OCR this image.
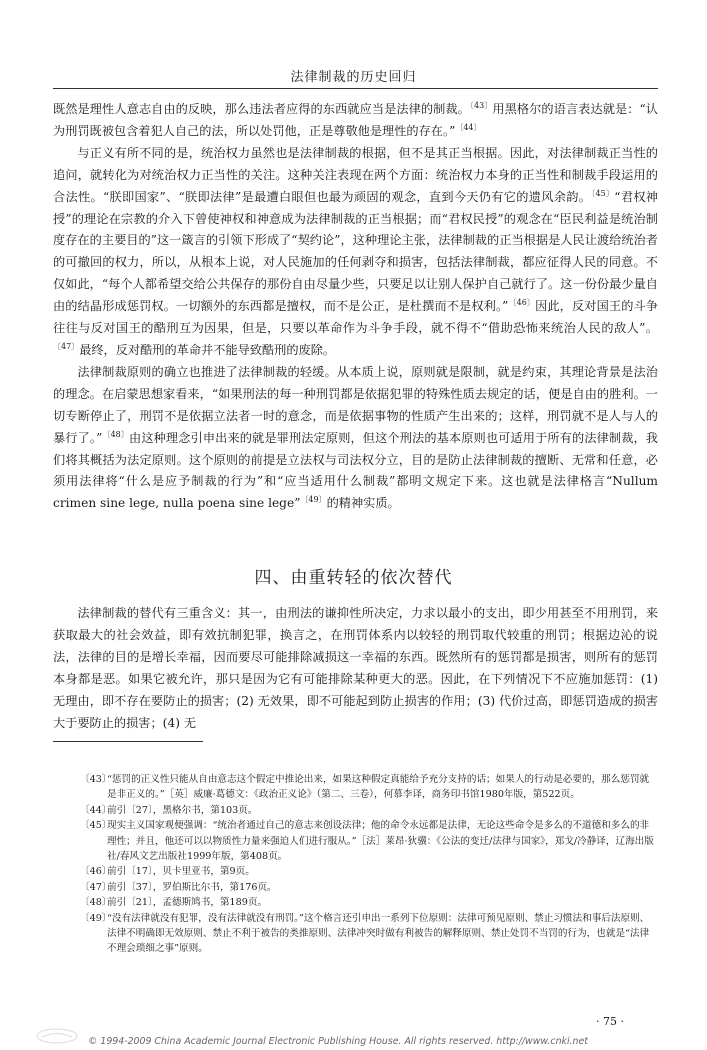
法律制裁的历史回归

既然是理性人意志自由的反映，那么违法者应得的东西就应当是法律的制裁。$^{〔43〕}$用黑格尔的语言表达就是：“认为刑罚既被包含着犯人自己的法，所以处罚他，正是尊敬他是理性的存在。”$^{〔44〕}$

与正义有所不同的是，统治权力虽然也是法律制裁的根据，但不是其正当根据。因此，对法律制裁正当性的追问，就转化为对统治权力正当性的关注。这种关注表现在两个方面：统治权力本身的正当性和制裁手段运用的合法性。“朕即国家”、“朕即法律”是最遭白眼但也最为顽固的观念，直到今天仍有它的遗风余韵。$^{〔45〕}$“君权神授”的理论在宗教的介入下曾使神权和神意成为法律制裁的正当根据；而“君权民授”的观念在“臣民利益是统治制度存在的主要目的”这一箴言的引领下形成了“契约论”，这种理论主张，法律制裁的正当根据是人民让渡给统治者的可撤回的权力，所以，从根本上说，对人民施加的任何剥夺和损害，包括法律制裁，都应征得人民的同意。不仅如此，“每个人都希望交给公共保存的那份自由尽量少些，只要足以让别人保护自己就行了。这一份份最少量自由的结晶形成惩罚权。一切额外的东西都是擅权，而不是公正，是杜撰而不是权利。”$^{〔46〕}$因此，反对国王的斗争往往与反对国王的酷刑互为因果，但是，只要以革命作为斗争手段，就不得不“借助恐怖来统治人民的敌人”。$^{〔47〕}$最终，反对酷刑的革命并不能导致酷刑的废除。

法律制裁原则的确立也推进了法律制裁的轻缓。从本质上说，原则就是限制，就是约束，其理论背景是法治的理念。在启蒙思想家看来，“如果刑法的每一种刑罚都是依据犯罪的特殊性质去规定的话，便是自由的胜利。一切专断停止了，刑罚不是依据立法者一时的意念，而是依据事物的性质产生出来的；这样，刑罚就不是人与人的暴行了。”$^{〔48〕}$由这种理念引申出来的就是罪刑法定原则，但这个刑法的基本原则也可适用于所有的法律制裁，我们将其概括为法定原则。这个原则的前提是立法权与司法权分立，目的是防止法律制裁的擅断、无常和任意，必须用法律将“什么是应予制裁的行为”和“应当适用什么制裁”都明文规定下来。这也就是法律格言“Nullum crimen sine lege, nulla poena sine lege”$^{〔49〕}$的精神实质。

四、由重转轻的依次替代

法律制裁的替代有三重含义：其一，由刑法的谦抑性所决定，力求以最小的支出，即少用甚至不用刑罚，来获取最大的社会效益，即有效抗制犯罪，换言之，在刑罚体系内以较轻的刑罚取代较重的刑罚；根据边沁的说法，法律的目的是增长幸福，因而要尽可能排除减损这一幸福的东西。既然所有的惩罚都是损害，则所有的惩罚本身都是恶。如果它被允许，那只是因为它有可能排除某种更大的恶。因此，在下列情况下不应施加惩罚：(1) 无理由，即不存在要防止的损害；(2) 无效果，即不可能起到防止损害的作用；(3) 代价过高，即惩罚造成的损害大于要防止的损害；(4) 无

〔43〕
“惩罚的正义性只能从自由意志这个假定中推论出来，如果这种假定真能给予充分支持的话；如果人的行动是必要的，那么惩罚就是非正义的。”［英］威廉·葛德文：《政治正义论》（第二、三卷），何慕李译，商务印书馆1980年版，第522页。
〔44〕
前引〔27〕，黑格尔书，第103页。
〔45〕
现实主义国家观便强调：“统治者通过自己的意志来创设法律；他的命令永远都是法律，无论这些命令是多么的不道德和多么的非理性；并且，他还可以以物质性力量来强迫人们进行服从。”［法］莱昂·狄骥：《公法的变迁/法律与国家》，郑戈/冷静译，辽海出版社/春风文艺出版社1999年版，第408页。
〔46〕
前引〔17〕，贝卡里亚书，第9页。
〔47〕
前引〔37〕，罗伯斯比尔书，第176页。
〔48〕
前引〔21〕，孟德斯鸠书，第189页。
〔49〕
“没有法律就没有犯罪，没有法律就没有刑罚。”这个格言还引申出一系列下位原则：法律可预见原则、禁止习惯法和事后法原则、法律不明确即无效原则、禁止不利于被告的类推原则、法律冲突时做有利被告的解释原则、禁止处罚不当罚的行为，也就是“法律不理会琐细之事”原则。
· 75 ·
© 1994-2009 China Academic Journal Electronic Publishing House. All rights reserved. http://www.cnki.net
